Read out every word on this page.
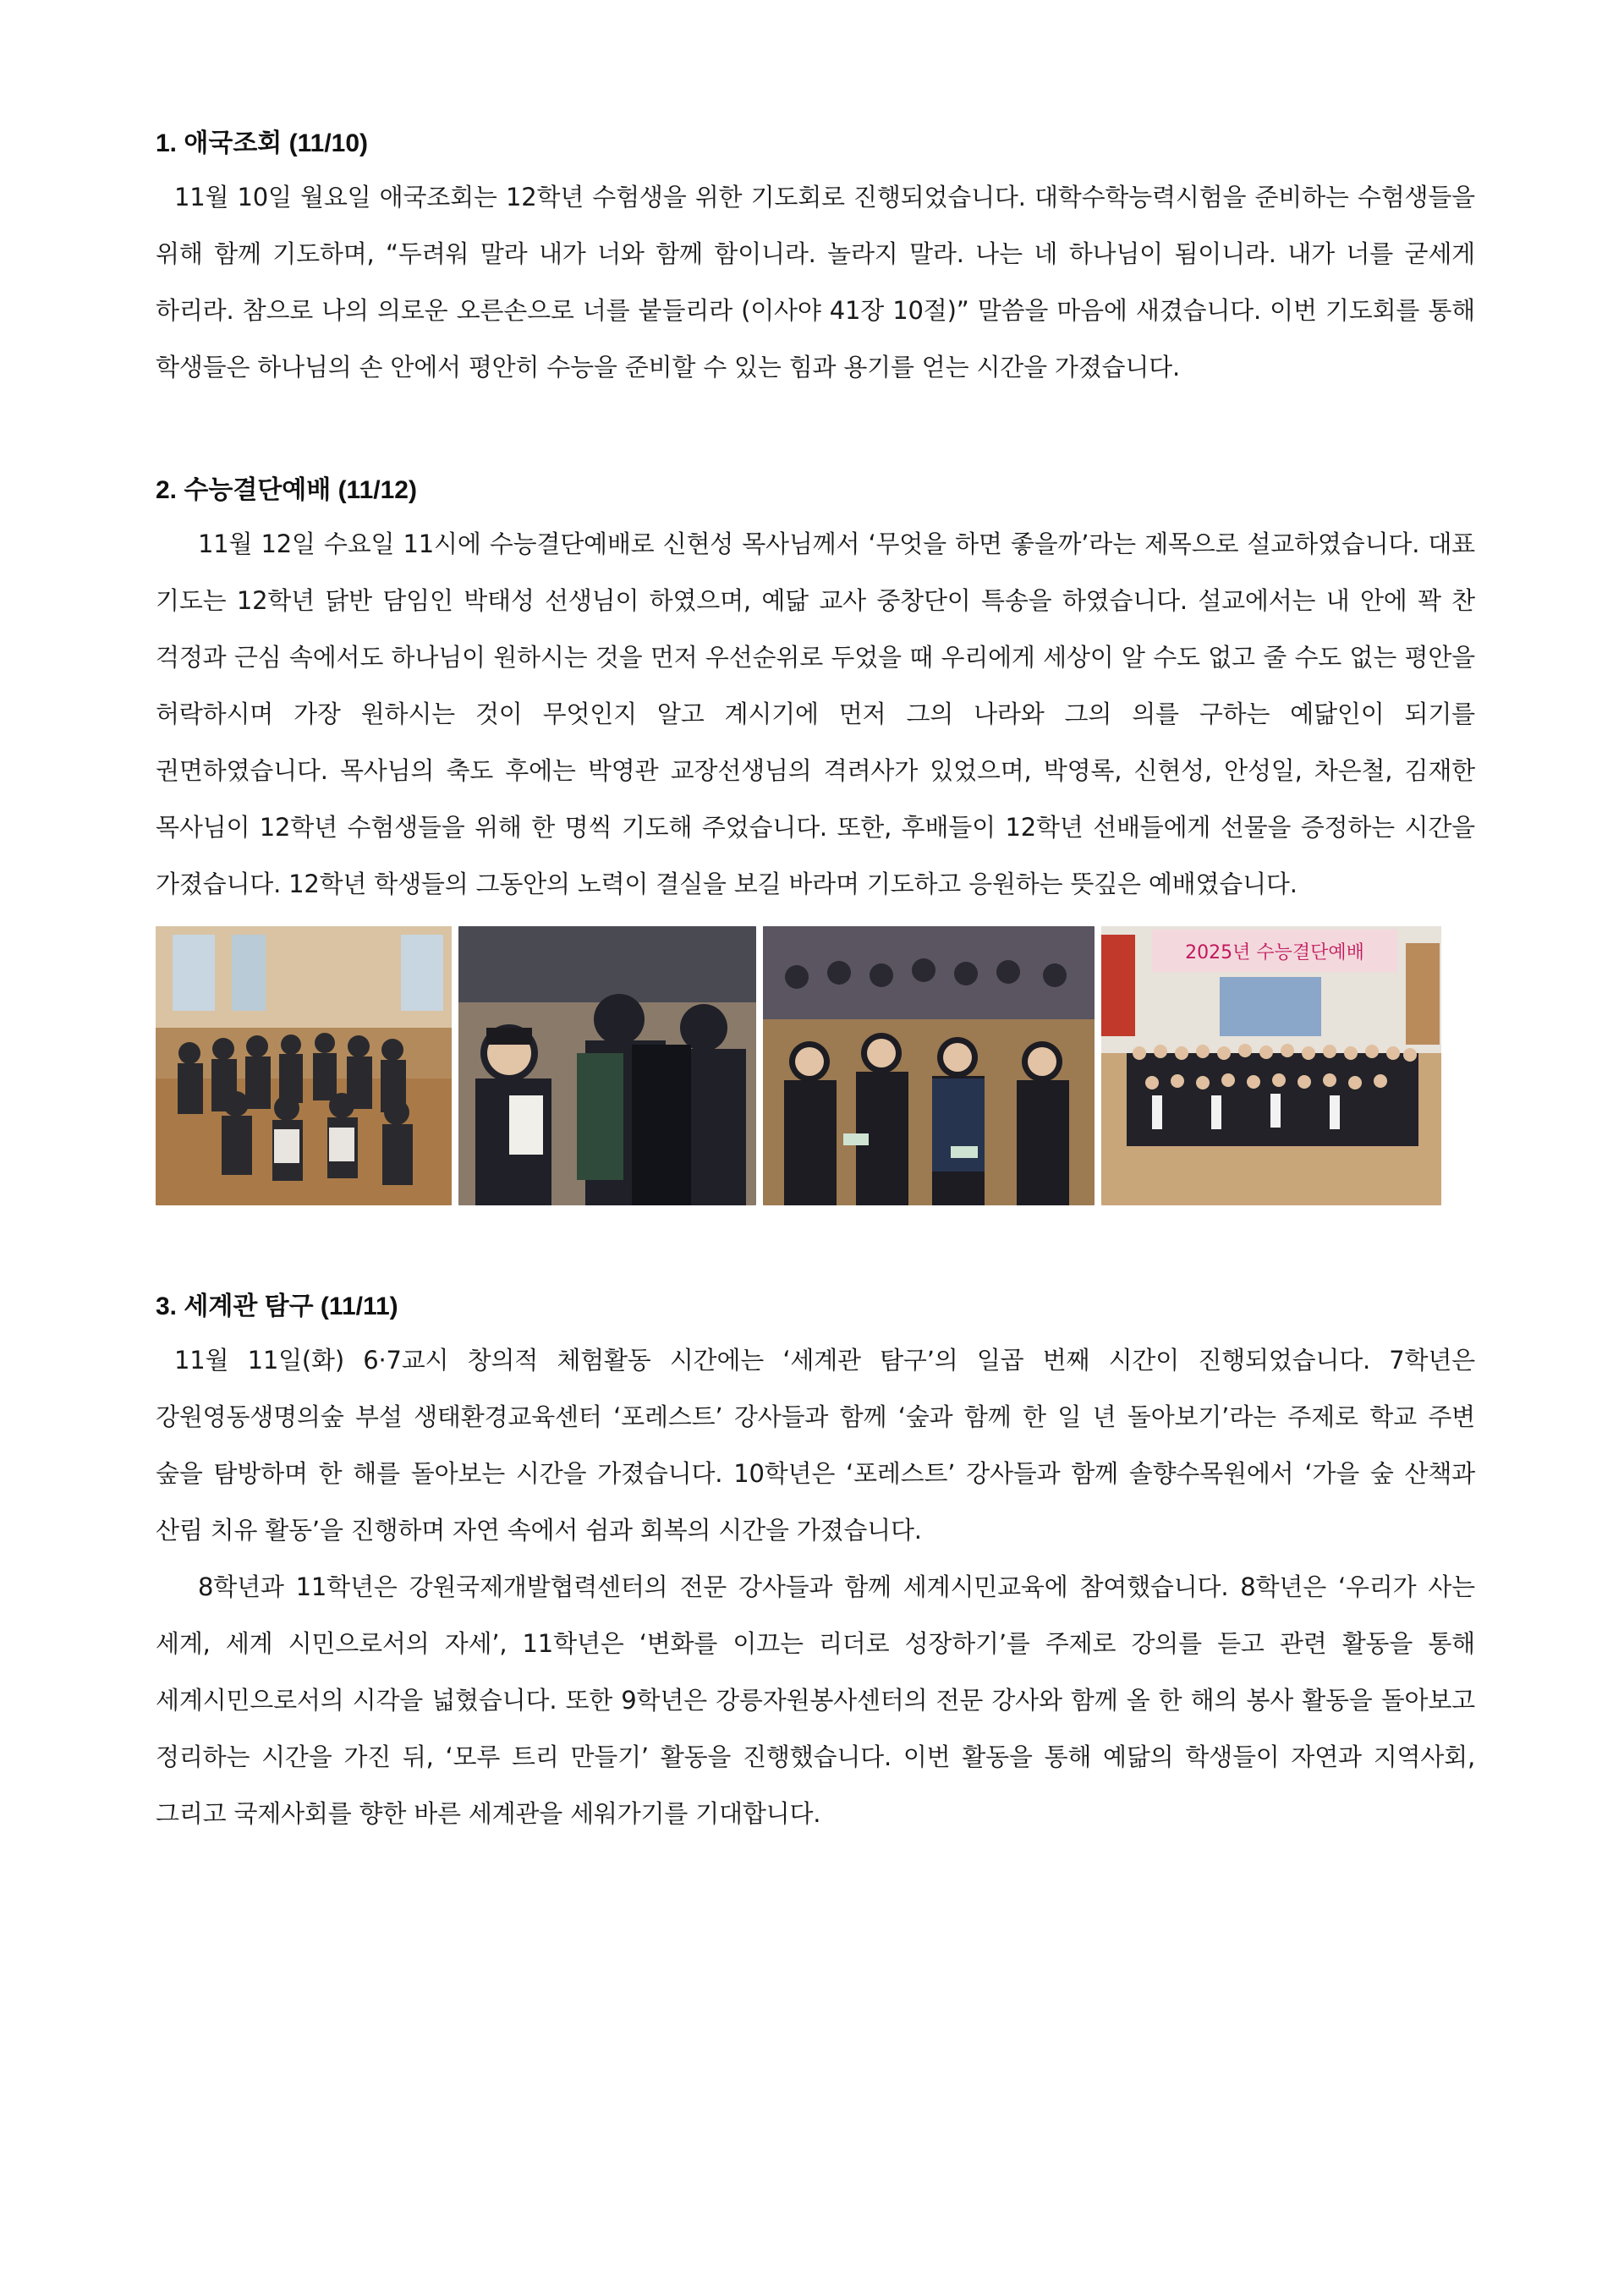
1. 애국조회 (11/10)

11월 10일 월요일 애국조회는 12학년 수험생을 위한 기도회로 진행되었습니다. 대학수학능력시험을 준비하는 수험생들을 위해 함께 기도하며, “두려워 말라 내가 너와 함께 함이니라. 놀라지 말라. 나는 네 하나님이 됨이니라. 내가 너를 굳세게 하리라. 참으로 나의 의로운 오른손으로 너를 붙들리라 (이사야 41장 10절)” 말씀을 마음에 새겼습니다. 이번 기도회를 통해 학생들은 하나님의 손 안에서 평안히 수능을 준비할 수 있는 힘과 용기를 얻는 시간을 가졌습니다.

2. 수능결단예배 (11/12)

11월 12일 수요일 11시에 수능결단예배로 신현성 목사님께서 ‘무엇을 하면 좋을까’라는 제목으로 설교하였습니다. 대표 기도는 12학년 닭반 담임인 박태성 선생님이 하였으며, 예닮 교사 중창단이 특송을 하였습니다. 설교에서는 내 안에 꽉 찬 걱정과 근심 속에서도 하나님이 원하시는 것을 먼저 우선순위로 두었을 때 우리에게 세상이 알 수도 없고 줄 수도 없는 평안을 허락하시며 가장 원하시는 것이 무엇인지 알고 계시기에 먼저 그의 나라와 그의 의를 구하는 예닮인이 되기를 권면하였습니다. 목사님의 축도 후에는 박영관 교장선생님의 격려사가 있었으며, 박영록, 신현성, 안성일, 차은철, 김재한 목사님이 12학년 수험생들을 위해 한 명씩 기도해 주었습니다. 또한, 후배들이 12학년 선배들에게 선물을 증정하는 시간을 가졌습니다. 12학년 학생들의 그동안의 노력이 결실을 보길 바라며 기도하고 응원하는 뜻깊은 예배였습니다.

2025년 수능결단예배
3. 세계관 탐구 (11/11)

11월 11일(화) 6·7교시 창의적 체험활동 시간에는 ‘세계관 탐구’의 일곱 번째 시간이 진행되었습니다. 7학년은 강원영동생명의숲 부설 생태환경교육센터 ‘포레스트’ 강사들과 함께 ‘숲과 함께 한 일 년 돌아보기’라는 주제로 학교 주변 숲을 탐방하며 한 해를 돌아보는 시간을 가졌습니다. 10학년은 ‘포레스트’ 강사들과 함께 솔향수목원에서 ‘가을 숲 산책과 산림 치유 활동’을 진행하며 자연 속에서 쉼과 회복의 시간을 가졌습니다.

8학년과 11학년은 강원국제개발협력센터의 전문 강사들과 함께 세계시민교육에 참여했습니다. 8학년은 ‘우리가 사는 세계, 세계 시민으로서의 자세’, 11학년은 ‘변화를 이끄는 리더로 성장하기’를 주제로 강의를 듣고 관련 활동을 통해 세계시민으로서의 시각을 넓혔습니다. 또한 9학년은 강릉자원봉사센터의 전문 강사와 함께 올 한 해의 봉사 활동을 돌아보고 정리하는 시간을 가진 뒤, ‘모루 트리 만들기’ 활동을 진행했습니다. 이번 활동을 통해 예닮의 학생들이 자연과 지역사회, 그리고 국제사회를 향한 바른 세계관을 세워가기를 기대합니다.
